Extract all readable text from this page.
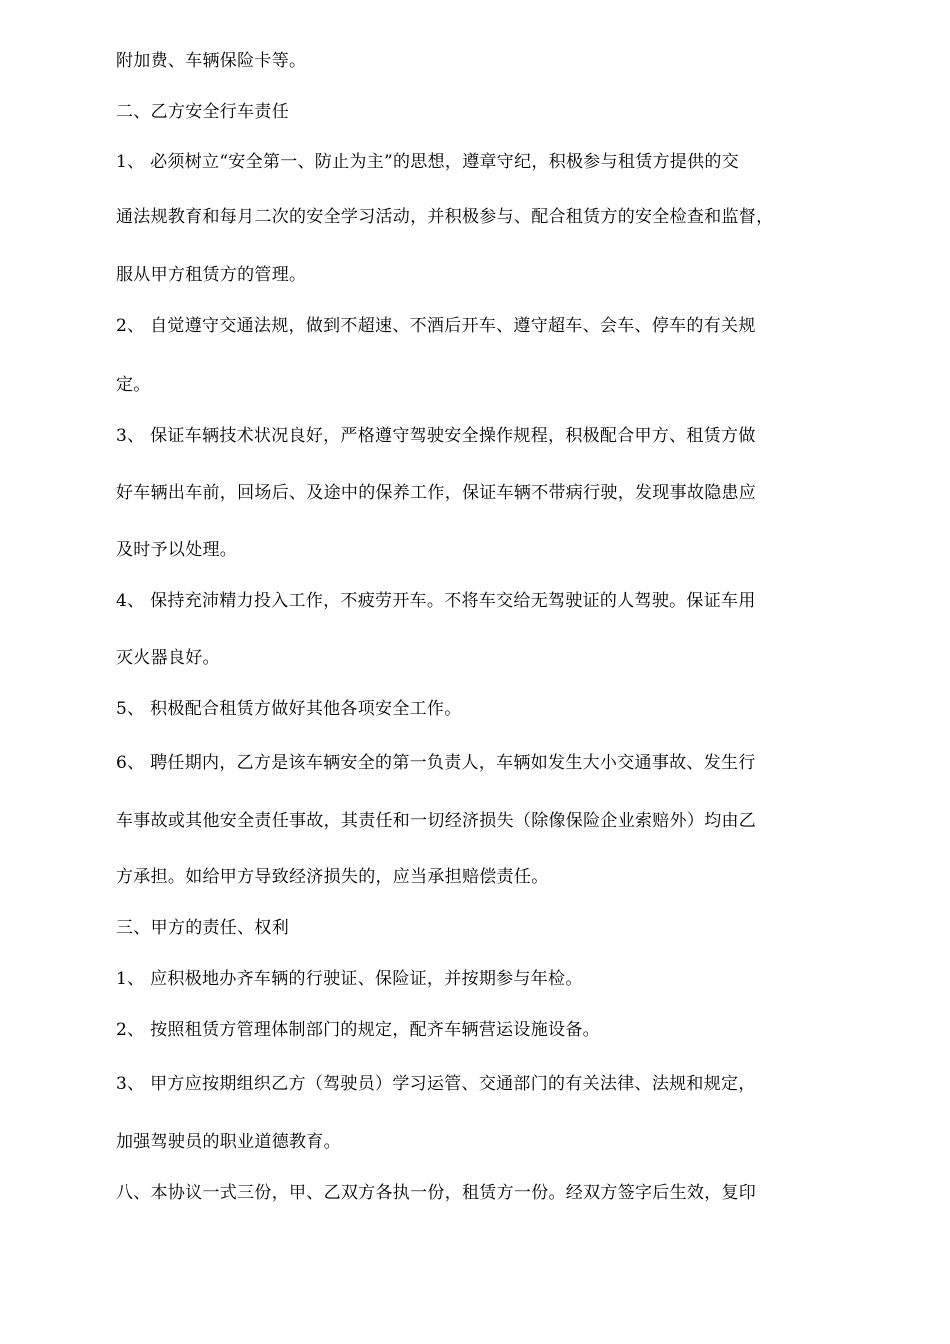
附加费、车辆保险卡等。
二、乙方安全行车责任
1、 必须树立“安全第一、防止为主”的思想，遵章守纪，积极参与租赁方提供的交
通法规教育和每月二次的安全学习活动，并积极参与、配合租赁方的安全检查和监督，
服从甲方租赁方的管理。
2、 自觉遵守交通法规，做到不超速、不酒后开车、遵守超车、会车、停车的有关规
定。
3、 保证车辆技术状况良好，严格遵守驾驶安全操作规程，积极配合甲方、租赁方做
好车辆出车前，回场后、及途中的保养工作，保证车辆不带病行驶，发现事故隐患应
及时予以处理。
4、 保持充沛精力投入工作，不疲劳开车。不将车交给无驾驶证的人驾驶。保证车用
灭火器良好。
5、 积极配合租赁方做好其他各项安全工作。
6、 聘任期内，乙方是该车辆安全的第一负责人，车辆如发生大小交通事故、发生行
车事故或其他安全责任事故，其责任和一切经济损失（除像保险企业索赔外）均由乙
方承担。如给甲方导致经济损失的，应当承担赔偿责任。
三、甲方的责任、权利
1、 应积极地办齐车辆的行驶证、保险证，并按期参与年检。
2、 按照租赁方管理体制部门的规定，配齐车辆营运设施设备。
3、 甲方应按期组织乙方（驾驶员）学习运管、交通部门的有关法律、法规和规定，
加强驾驶员的职业道德教育。
八、本协议一式三份，甲、乙双方各执一份，租赁方一份。经双方签字后生效，复印
